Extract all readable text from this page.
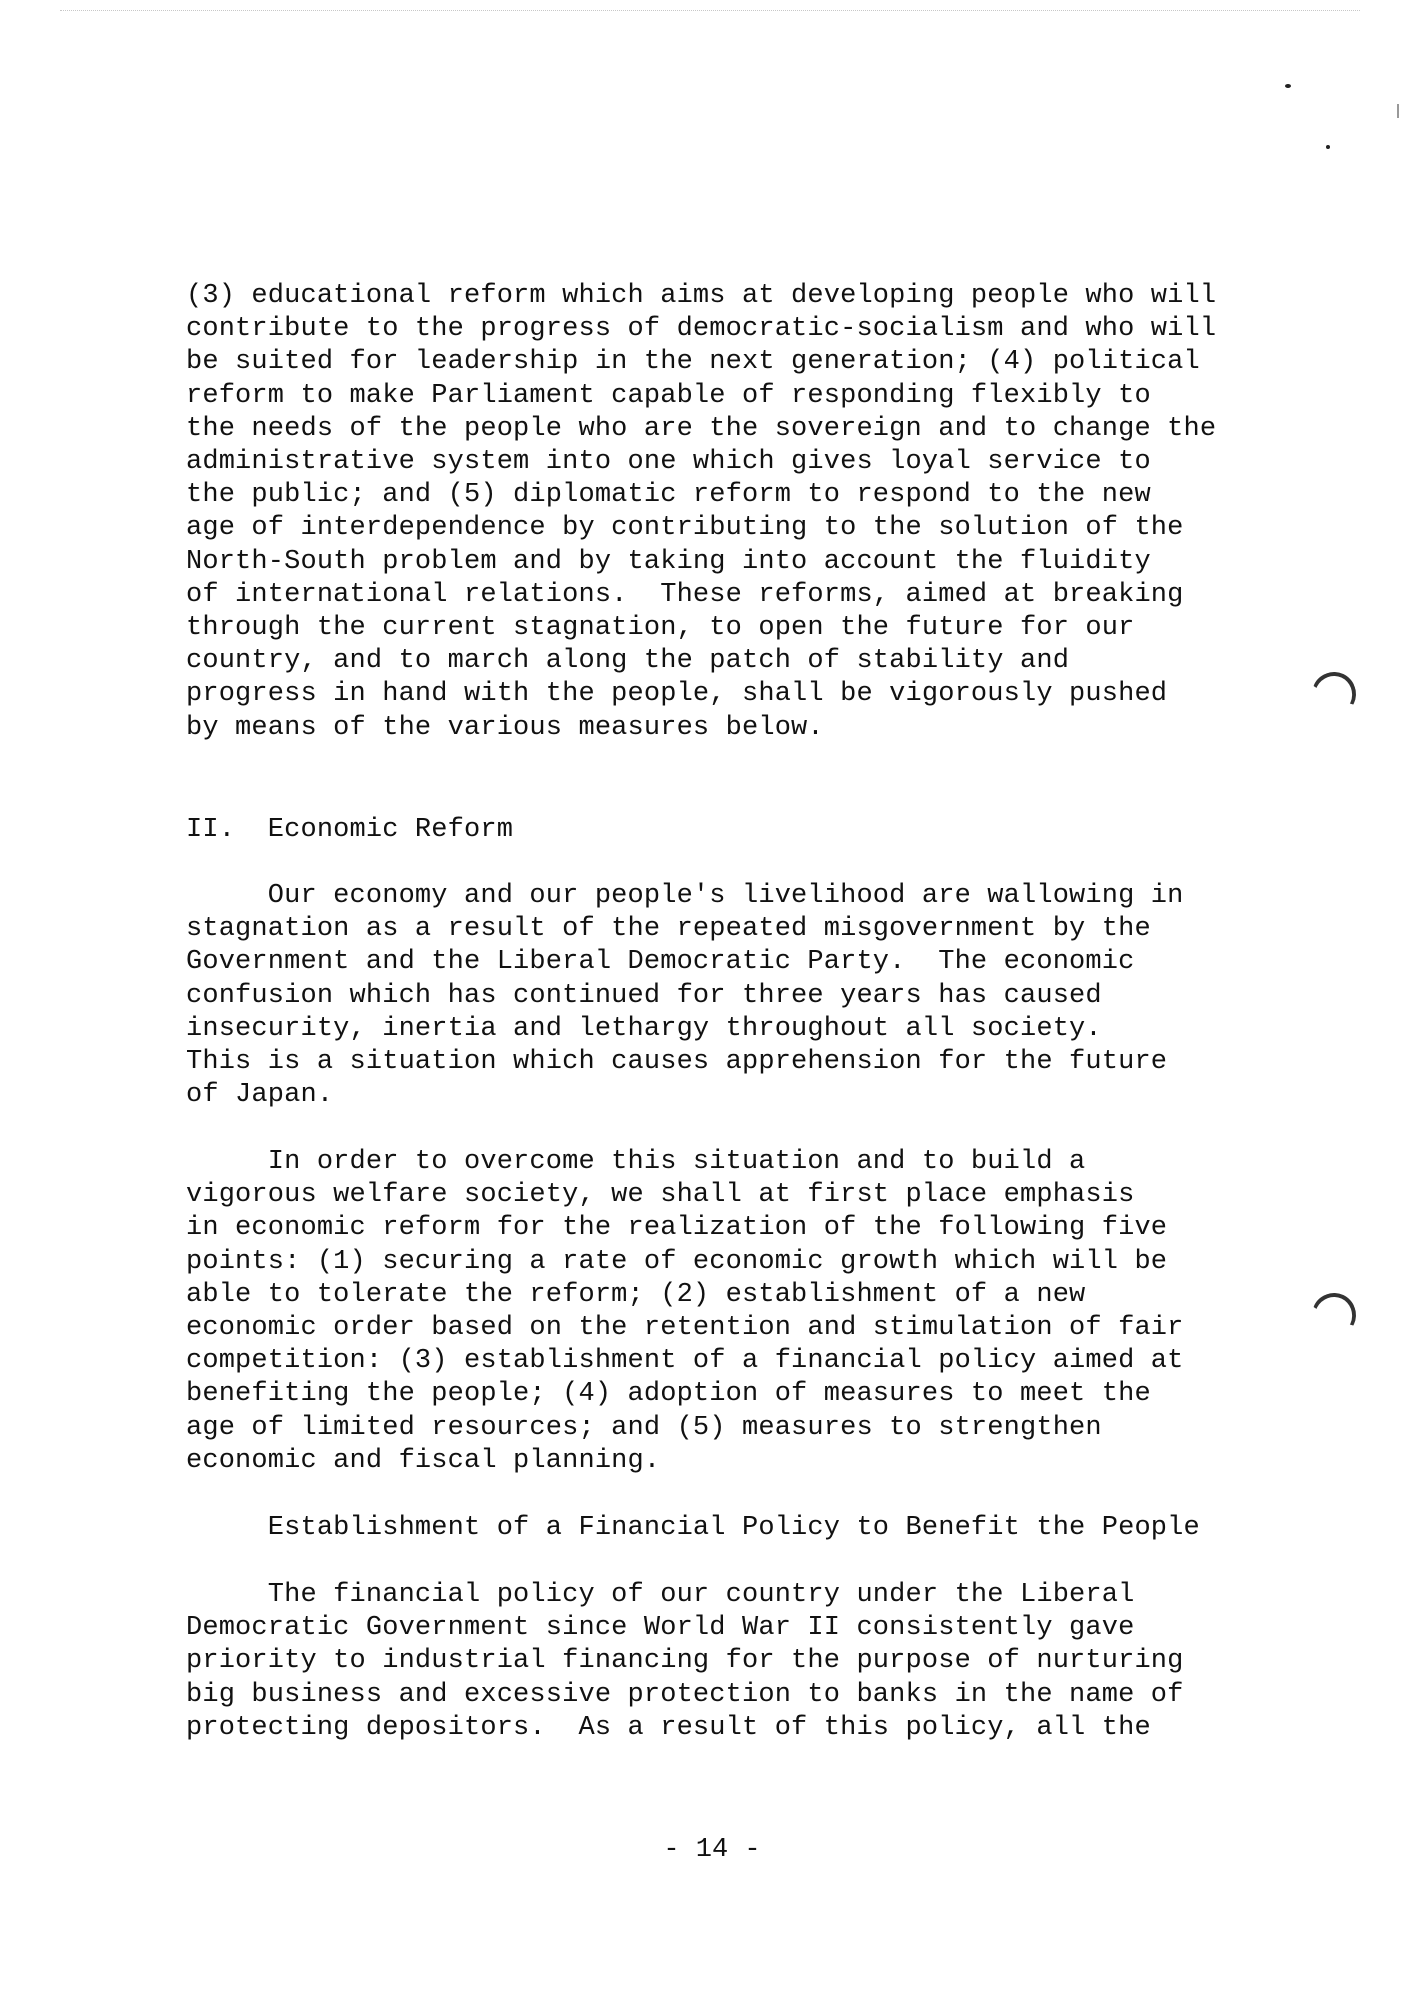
(3) educational reform which aims at developing people who will
contribute to the progress of democratic-socialism and who will
be suited for leadership in the next generation; (4) political
reform to make Parliament capable of responding flexibly to
the needs of the people who are the sovereign and to change the
administrative system into one which gives loyal service to
the public; and (5) diplomatic reform to respond to the new
age of interdependence by contributing to the solution of the
North-South problem and by taking into account the fluidity
of international relations.  These reforms, aimed at breaking
through the current stagnation, to open the future for our
country, and to march along the patch of stability and
progress in hand with the people, shall be vigorously pushed
by means of the various measures below.
II.  Economic Reform
Our economy and our people's livelihood are wallowing in
stagnation as a result of the repeated misgovernment by the
Government and the Liberal Democratic Party.  The economic
confusion which has continued for three years has caused
insecurity, inertia and lethargy throughout all society.
This is a situation which causes apprehension for the future
of Japan.
In order to overcome this situation and to build a
vigorous welfare society, we shall at first place emphasis
in economic reform for the realization of the following five
points: (1) securing a rate of economic growth which will be
able to tolerate the reform; (2) establishment of a new
economic order based on the retention and stimulation of fair
competition: (3) establishment of a financial policy aimed at
benefiting the people; (4) adoption of measures to meet the
age of limited resources; and (5) measures to strengthen
economic and fiscal planning.
Establishment of a Financial Policy to Benefit the People
The financial policy of our country under the Liberal
Democratic Government since World War II consistently gave
priority to industrial financing for the purpose of nurturing
big business and excessive protection to banks in the name of
protecting depositors.  As a result of this policy, all the
- 14 -
